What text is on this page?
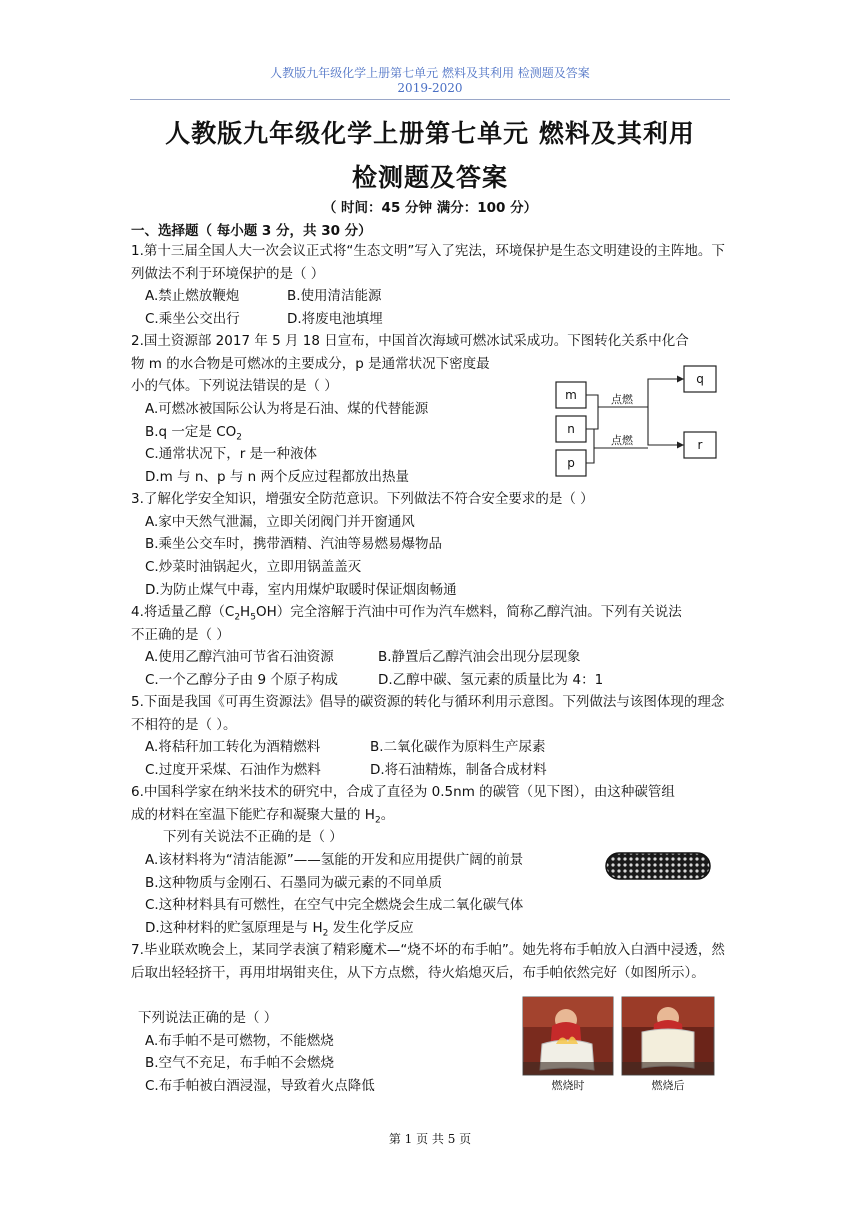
人教版九年级化学上册第七单元 燃料及其利用 检测题及答案
2019-2020
人教版九年级化学上册第七单元 燃料及其利用
检测题及答案
（ 时间：45 分钟 满分：100 分）
一、选择题（ 每小题 3 分，共 30 分）
1.第十三届全国人大一次会议正式将“生态文明”写入了宪法，环境保护是生态文明建设的主阵地。下列做法不利于环境保护的是（ ）
A.禁止燃放鞭炮	B.使用清洁能源
C.乘坐公交出行	D.将废电池填埋
2.国土资源部 2017 年 5 月 18 日宣布，中国首次海域可燃冰试采成功。下图转化关系中化合
物 m 的水合物是可燃冰的主要成分，p 是通常状况下密度最
小的气体。下列说法错误的是（ ）
A.可燃冰被国际公认为将是石油、煤的代替能源
B.q 一定是 $CO_2$
C.通常状况下，r 是一种液体
D.m 与 n、p 与 n 两个反应过程都放出热量
m
n
p
q
r
点燃
点燃
3.了解化学安全知识，增强安全防范意识。下列做法不符合安全要求的是（ ）
A.家中天然气泄漏，立即关闭阀门并开窗通风
B.乘坐公交车时，携带酒精、汽油等易燃易爆物品
C.炒菜时油锅起火，立即用锅盖盖灭
D.为防止煤气中毒，室内用煤炉取暖时保证烟囱畅通
4.将适量乙醇$(C_2H_5OH)$完全溶解于汽油中可作为汽车燃料，简称乙醇汽油。下列有关说法
不正确的是（ ）
A.使用乙醇汽油可节省石油资源	B.静置后乙醇汽油会出现分层现象
C.一个乙醇分子由 9 个原子构成	D.乙醇中碳、氢元素的质量比为 4：1
5.下面是我国《可再生资源法》倡导的碳资源的转化与循环利用示意图。下列做法与该图体现的理念不相符的是（ ）。
A.将秸秆加工转化为酒精燃料	B.二氧化碳作为原料生产尿素
C.过度开采煤、石油作为燃料	D.将石油精炼，制备合成材料
6.中国科学家在纳米技术的研究中，合成了直径为 0.5nm 的碳管（见下图），由这种碳管组
成的材料在室温下能贮存和凝聚大量的 $H_2$。
下列有关说法不正确的是（ ）
A.该材料将为“清洁能源”——氢能的开发和应用提供广阔的前景
B.这种物质与金刚石、石墨同为碳元素的不同单质
C.这种材料具有可燃性，在空气中完全燃烧会生成二氧化碳气体
D.这种材料的贮氢原理是与 $H_2$ 发生化学反应
7.毕业联欢晚会上，某同学表演了精彩魔术—“烧不坏的布手帕”。她先将布手帕放入白酒中浸透，然后取出轻轻挤干，再用坩埚钳夹住，从下方点燃，待火焰熄灭后，布手帕依然完好（如图所示）。
下列说法正确的是（ ）
A.布手帕不是可燃物，不能燃烧
B.空气不充足，布手帕不会燃烧
C.布手帕被白酒浸湿，导致着火点降低	燃烧时	燃烧后
第 1 页 共 5 页
